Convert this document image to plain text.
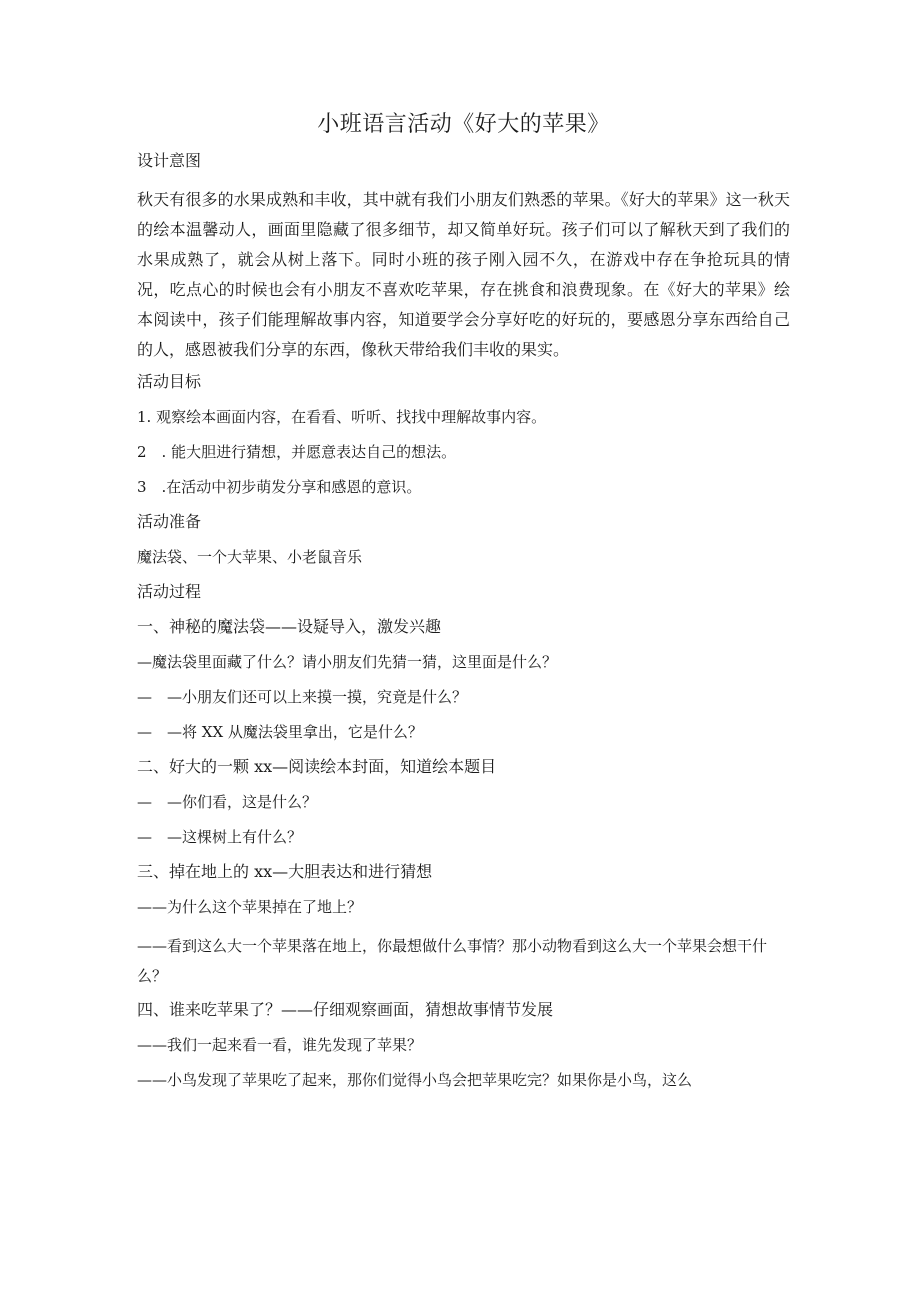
小班语言活动《好大的苹果》
设计意图
秋天有很多的水果成熟和丰收，其中就有我们小朋友们熟悉的苹果。《好大的苹果》这一秋天的绘本温馨动人，画面里隐藏了很多细节，却又简单好玩。孩子们可以了解秋天到了我们的水果成熟了，就会从树上落下。同时小班的孩子刚入园不久，在游戏中存在争抢玩具的情况，吃点心的时候也会有小朋友不喜欢吃苹果，存在挑食和浪费现象。在《好大的苹果》绘本阅读中，孩子们能理解故事内容，知道要学会分享好吃的好玩的，要感恩分享东西给自己的人，感恩被我们分享的东西，像秋天带给我们丰收的果实。
活动目标
1. 观察绘本画面内容，在看看、听听、找找中理解故事内容。
2　. 能大胆进行猜想，并愿意表达自己的想法。
3　.在活动中初步萌发分享和感恩的意识。
活动准备
魔法袋、一个大苹果、小老鼠音乐
活动过程
一、神秘的魔法袋——设疑导入，激发兴趣
—魔法袋里面藏了什么？请小朋友们先猜一猜，这里面是什么？
—　—小朋友们还可以上来摸一摸，究竟是什么？
—　—将 XX 从魔法袋里拿出，它是什么？
二、好大的一颗 xx—阅读绘本封面，知道绘本题目
—　—你们看，这是什么？
—　—这棵树上有什么？
三、掉在地上的 xx—大胆表达和进行猜想
——为什么这个苹果掉在了地上？
——看到这么大一个苹果落在地上，你最想做什么事情？那小动物看到这么大一个苹果会想干什么？
四、谁来吃苹果了？——仔细观察画面，猜想故事情节发展
——我们一起来看一看，谁先发现了苹果？
——小鸟发现了苹果吃了起来，那你们觉得小鸟会把苹果吃完？如果你是小鸟，这么
